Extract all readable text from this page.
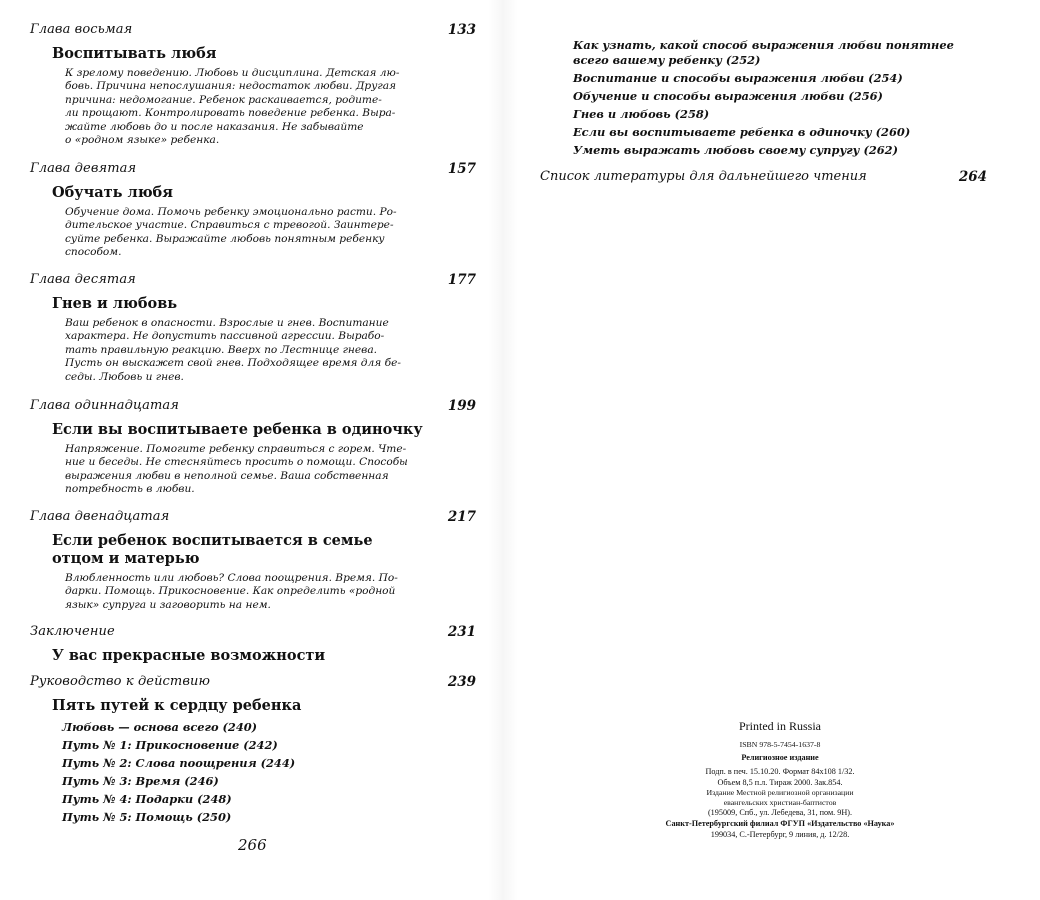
Глава восьмая	133
Воспитывать любя
К зрелому поведению. Любовь и дисциплина. Детская лю-
бовь. Причина непослушания: недостаток любви. Другая
причина: недомогание. Ребенок раскаивается, родите-
ли прощают. Контролировать поведение ребенка. Выра-
жайте любовь до и после наказания. Не забывайте
о «родном языке» ребенка.
Глава девятая	157
Обучать любя
Обучение дома. Помочь ребенку эмоционально расти. Ро-
дительское участие. Справиться с тревогой. Заинтере-
суйте ребенка. Выражайте любовь понятным ребенку
способом.
Глава десятая	177
Гнев и любовь
Ваш ребенок в опасности. Взрослые и гнев. Воспитание
характера. Не допустить пассивной агрессии. Вырабо-
тать правильную реакцию. Вверх по Лестнице гнева.
Пусть он выскажет свой гнев. Подходящее время для бе-
седы. Любовь и гнев.
Глава одиннадцатая	199
Если вы воспитываете ребенка в одиночку
Напряжение. Помогите ребенку справиться с горем. Чте-
ние и беседы. Не стесняйтесь просить о помощи. Способы
выражения любви в неполной семье. Ваша собственная
потребность в любви.
Глава двенадцатая	217
Если ребенок воспитывается в семье
отцом и матерью
Влюбленность или любовь? Слова поощрения. Время. По-
дарки. Помощь. Прикосновение. Как определить «родной
язык» супруга и заговорить на нем.
Заключение	231
У вас прекрасные возможности
Руководство к действию	239
Пять путей к сердцу ребенка
Любовь — основа всего (240)
Путь № 1: Прикосновение (242)
Путь № 2: Слова поощрения (244)
Путь № 3: Время (246)
Путь № 4: Подарки (248)
Путь № 5: Помощь (250)
266
Как узнать, какой способ выражения любви понятнее
всего вашему ребенку (252)
Воспитание и способы выражения любви (254)
Обучение и способы выражения любви (256)
Гнев и любовь (258)
Если вы воспитываете ребенка в одиночку (260)
Уметь выражать любовь своему супругу (262)
Список литературы для дальнейшего чтения	264
Printed in Russia
ISBN 978-5-7454-1637-8
Религиозное издание
Подп. в печ. 15.10.20. Формат 84x108 1/32.
Объем 8,5 п.л. Тираж 2000. Зак.854.
Издание Местной религиозной организации
евангельских христиан-баптистов
(195009, Спб., ул. Лебедева, 31, пом. 9Н).
Санкт-Петербургский филиал ФГУП «Издательство «Наука»
199034, С.-Петербург, 9 линия, д. 12/28.
